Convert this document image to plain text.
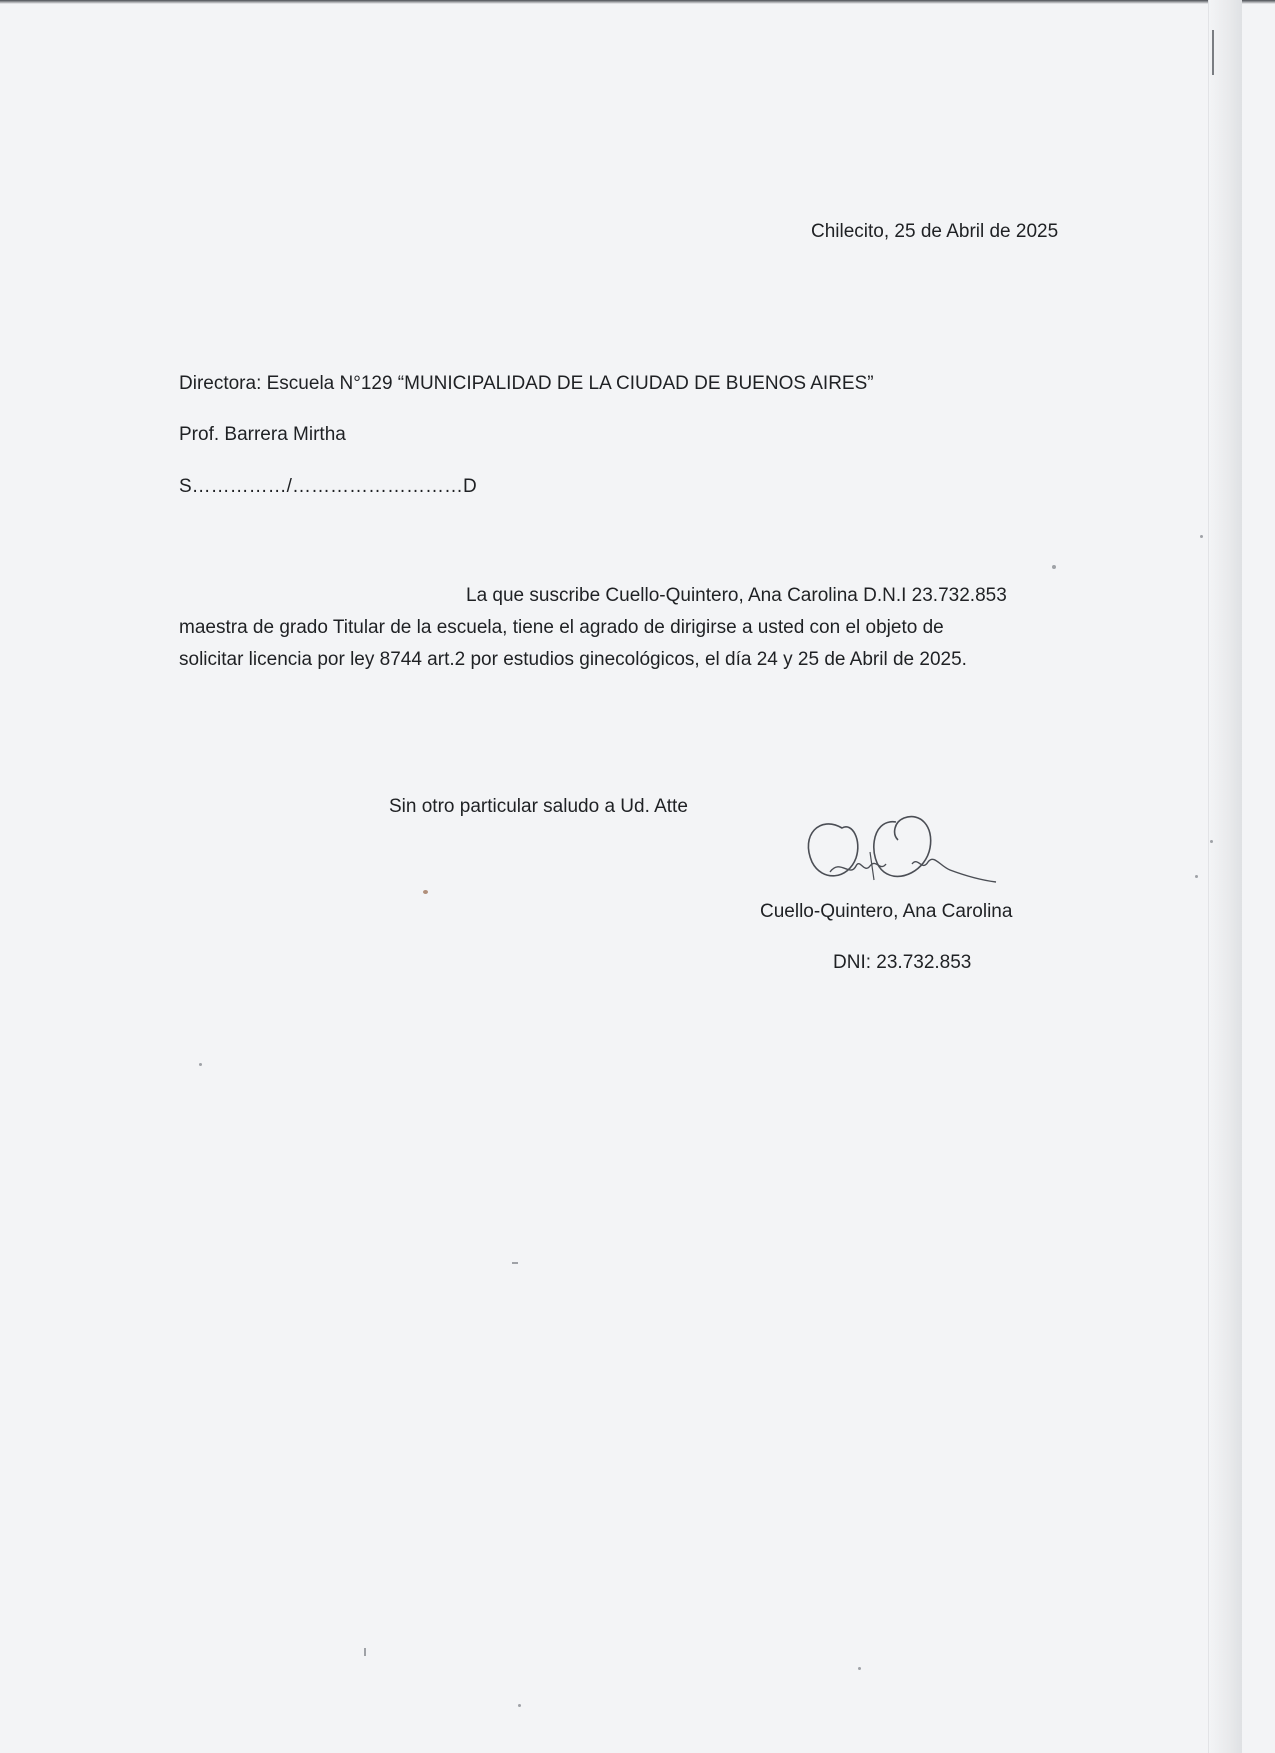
Chilecito, 25 de Abril de 2025
Directora: Escuela N°129 “MUNICIPALIDAD DE LA CIUDAD DE BUENOS AIRES”
Prof. Barrera Mirtha
S……………/………………………D
La que suscribe Cuello-Quintero, Ana Carolina D.N.I 23.732.853
maestra de grado Titular de la escuela, tiene el agrado de dirigirse a usted con el objeto de
solicitar licencia por ley 8744 art.2 por estudios ginecológicos, el día 24 y 25 de Abril de 2025.
Sin otro particular saludo a Ud. Atte
Cuello-Quintero, Ana Carolina
DNI: 23.732.853
